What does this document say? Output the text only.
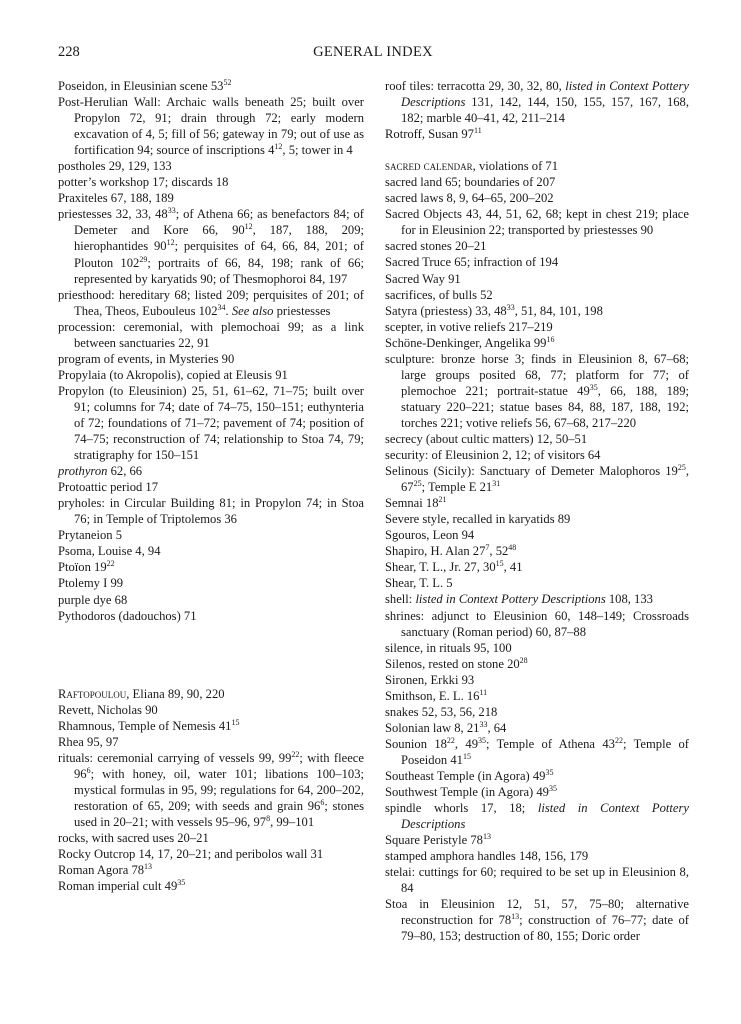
228	GENERAL INDEX
Poseidon, in Eleusinian scene $53^{52}$
Post-Herulian Wall: Archaic walls beneath 25; built over Propylon 72, 91; drain through 72; early modern excavation of 4, 5; fill of 56; gateway in 79; out of use as fortification 94; source of inscriptions $4^{12}$, 5; tower in 4
postholes 29, 129, 133
potter’s workshop 17; discards 18
Praxiteles 67, 188, 189
priestesses 32, 33, $48^{33}$; of Athena 66; as benefactors 84; of Demeter and Kore 66, $90^{12}$, 187, 188, 209; hierophantides $90^{12}$; perquisites of 64, 66, 84, 201; of Plouton $102^{29}$; portraits of 66, 84, 198; rank of 66; represented by karyatids 90; of Thesmophoroi 84, 197
priesthood: hereditary 68; listed 209; perquisites of 201; of Thea, Theos, Eubouleus $102^{34}$. See also priestesses
procession: ceremonial, with plemochoai 99; as a link between sanctuaries 22, 91
program of events, in Mysteries 90
Propylaia (to Akropolis), copied at Eleusis 91
Propylon (to Eleusinion) 25, 51, 61–62, 71–75; built over 91; columns for 74; date of 74–75, 150–151; euthynteria of 72; foundations of 71–72; pavement of 74; position of 74–75; reconstruction of 74; relationship to Stoa 74, 79; stratigraphy for 150–151
prothyron 62, 66
Protoattic period 17
pryholes: in Circular Building 81; in Propylon 74; in Stoa 76; in Temple of Triptolemos 36
Prytaneion 5
Psoma, Louise 4, 94
Ptoïon $19^{22}$
Ptolemy I 99
purple dye 68
Pythodoros (dadouchos) 71
Raftopoulou, Eliana 89, 90, 220
Revett, Nicholas 90
Rhamnous, Temple of Nemesis $41^{15}$
Rhea 95, 97
rituals: ceremonial carrying of vessels 99, $99^{22}$; with fleece $96^6$; with honey, oil, water 101; libations 100–103; mystical formulas in 95, 99; regulations for 64, 200–202, restoration of 65, 209; with seeds and grain $96^6$; stones used in 20–21; with vessels 95–96, $97^8$, 99–101
rocks, with sacred uses 20–21
Rocky Outcrop 14, 17, 20–21; and peribolos wall 31
Roman Agora $78^{13}$
Roman imperial cult $49^{35}$
roof tiles: terracotta 29, 30, 32, 80, listed in Context Pottery Descriptions 131, 142, 144, 150, 155, 157, 167, 168, 182; marble 40–41, 42, 211–214
Rotroff, Susan $97^{11}$
sacred calendar, violations of 71
sacred land 65; boundaries of 207
sacred laws 8, 9, 64–65, 200–202
Sacred Objects 43, 44, 51, 62, 68; kept in chest 219; place for in Eleusinion 22; transported by priestesses 90
sacred stones 20–21
Sacred Truce 65; infraction of 194
Sacred Way 91
sacrifices, of bulls 52
Satyra (priestess) 33, $48^{33}$, 51, 84, 101, 198
scepter, in votive reliefs 217–219
Schöne-Denkinger, Angelika $99^{16}$
sculpture: bronze horse 3; finds in Eleusinion 8, 67–68; large groups posited 68, 77; platform for 77; of plemochoe 221; portrait-statue $49^{35}$, 66, 188, 189; statuary 220–221; statue bases 84, 88, 187, 188, 192; torches 221; votive reliefs 56, 67–68, 217–220
secrecy (about cultic matters) 12, 50–51
security: of Eleusinion 2, 12; of visitors 64
Selinous (Sicily): Sanctuary of Demeter Malophoros $19^{25}$, $67^{25}$; Temple E $21^{31}$
Semnai $18^{21}$
Severe style, recalled in karyatids 89
Sgouros, Leon 94
Shapiro, H. Alan $27^7$, $52^{48}$
Shear, T. L., Jr. 27, $30^{15}$, 41
Shear, T. L. 5
shell: listed in Context Pottery Descriptions 108, 133
shrines: adjunct to Eleusinion 60, 148–149; Crossroads sanctuary (Roman period) 60, 87–88
silence, in rituals 95, 100
Silenos, rested on stone $20^{28}$
Sironen, Erkki 93
Smithson, E. L. $16^{11}$
snakes 52, 53, 56, 218
Solonian law 8, $21^{33}$, 64
Sounion $18^{22}$, $49^{35}$; Temple of Athena $43^{22}$; Temple of Poseidon $41^{15}$
Southeast Temple (in Agora) $49^{35}$
Southwest Temple (in Agora) $49^{35}$
spindle whorls 17, 18; listed in Context Pottery Descriptions
Square Peristyle $78^{13}$
stamped amphora handles 148, 156, 179
stelai: cuttings for 60; required to be set up in Eleusinion 8, 84
Stoa in Eleusinion 12, 51, 57, 75–80; alternative reconstruction for $78^{13}$; construction of 76–77; date of 79–80, 153; destruction of 80, 155; Doric order
